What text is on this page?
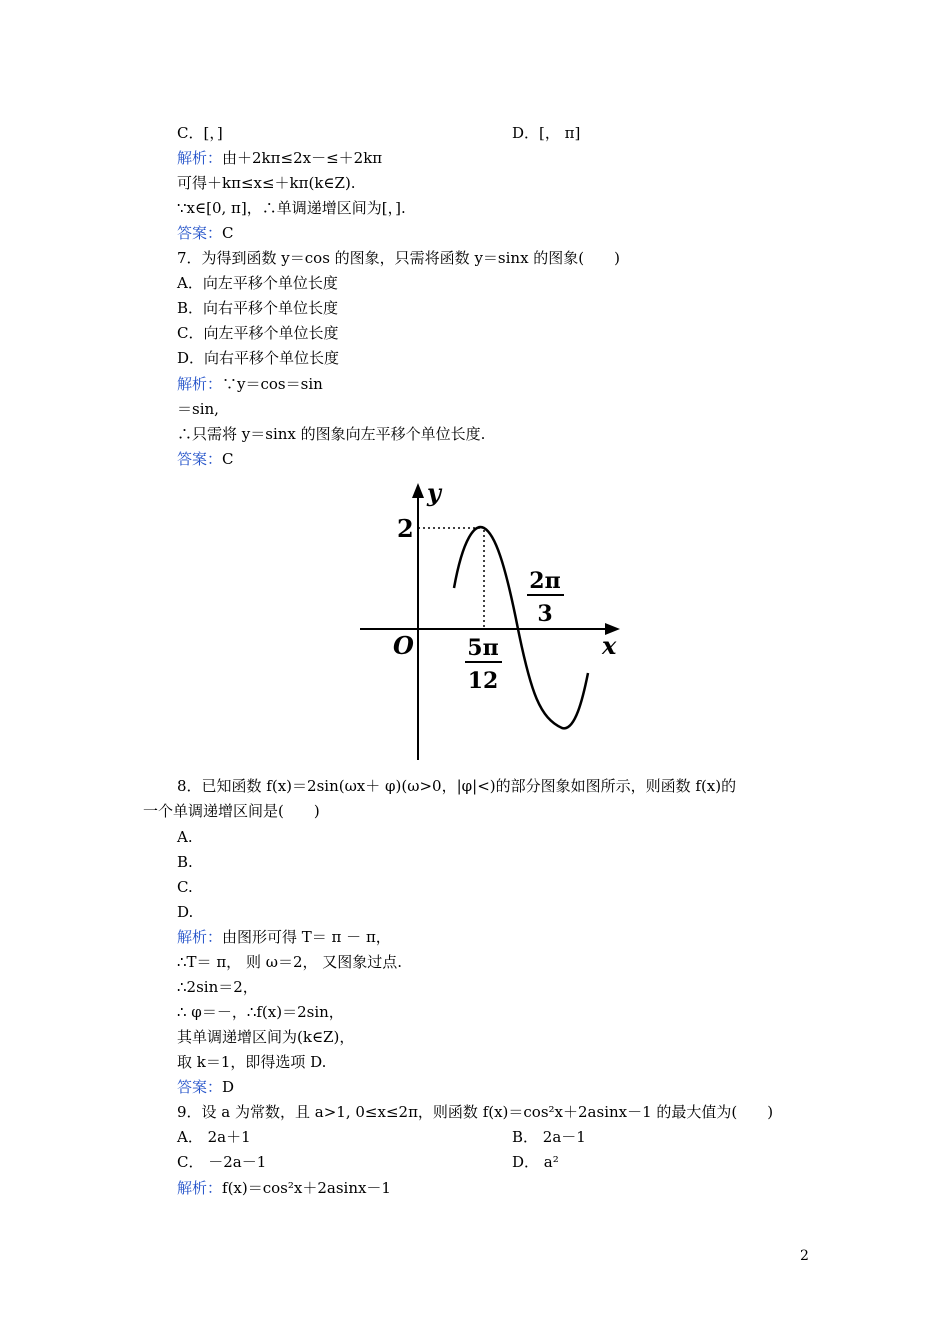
C．[，]	D．[， π]
解析：由＋2kπ≤2x－≤＋2kπ
可得＋kπ≤x≤＋kπ(k∈Z).
∵x∈[0, π]，∴单调递增区间为[，].
答案：C
7．为得到函数 y＝cos 的图象，只需将函数 y＝sinx 的图象(　　)
A．向左平移个单位长度
B．向右平移个单位长度
C．向左平移个单位长度
D．向右平移个单位长度
解析：∵y＝cos＝sin
＝sin,
∴只需将 y＝sinx 的图象向左平移个单位长度.
答案：C
y
x
O
2
5π
12
2π
3
8．已知函数 f(x)＝2sin(ωx＋ φ)(ω>0，|φ|<)的部分图象如图所示，则函数 f(x)的
一个单调递增区间是(　　)
A.
B.
C.
D.
解析：由图形可得 T＝ π － π，
∴T＝ π， 则 ω＝2， 又图象过点.
∴2sin＝2，
∴ φ＝－，∴f(x)＝2sin，
其单调递增区间为(k∈Z)，
取 k＝1，即得选项 D.
答案：D
9．设 a 为常数，且 a>1, 0≤x≤2π，则函数 f(x)＝cos²x＋2asinx－1 的最大值为(　　)
A． 2a＋1	B． 2a－1
C． －2a－1	D． a²
解析：f(x)＝cos²x＋2asinx－1
2
